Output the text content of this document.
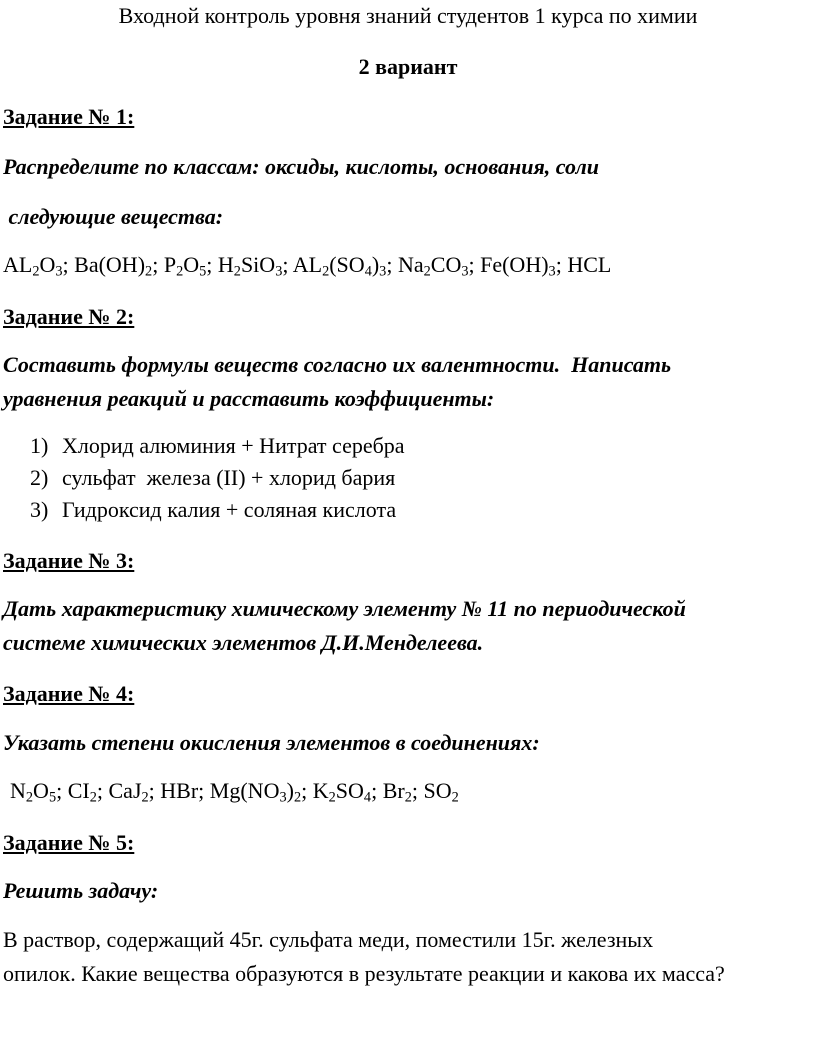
Входной контроль уровня знаний студентов 1 курса по химии
2 вариант
Задание № 1:
Распределите по классам: оксиды, кислоты, основания, соли
следующие вещества:
$AL_2O_3$; $Ba(OH)_2$; $P_2O_5$; $H_2SiO_3$; $AL_2(SO_4)_3$; $Na_2CO_3$; $Fe(OH)_3$; HCL
Задание № 2:
Составить формулы веществ согласно их валентности.  Написать
уравнения реакций и расставить коэффициенты:
1) Хлорид алюминия + Нитрат серебра
2) сульфат  железа (II) + хлорид бария
3) Гидроксид калия + соляная кислота
Задание № 3:
Дать характеристику химическому элементу № 11 по периодической
системе химических элементов Д.И.Менделеева.
Задание № 4:
Указать степени окисления элементов в соединениях:
$N_2O_5$; $CI_2$; CaJ$_2$; HBr; $Mg(NO_3)_2$; $K_2SO_4$; $Br_2$; $SO_2$
Задание № 5:
Решить задачу:
В раствор, содержащий 45г. сульфата меди, поместили 15г. железных
опилок. Какие вещества образуются в результате реакции и какова их масса?
